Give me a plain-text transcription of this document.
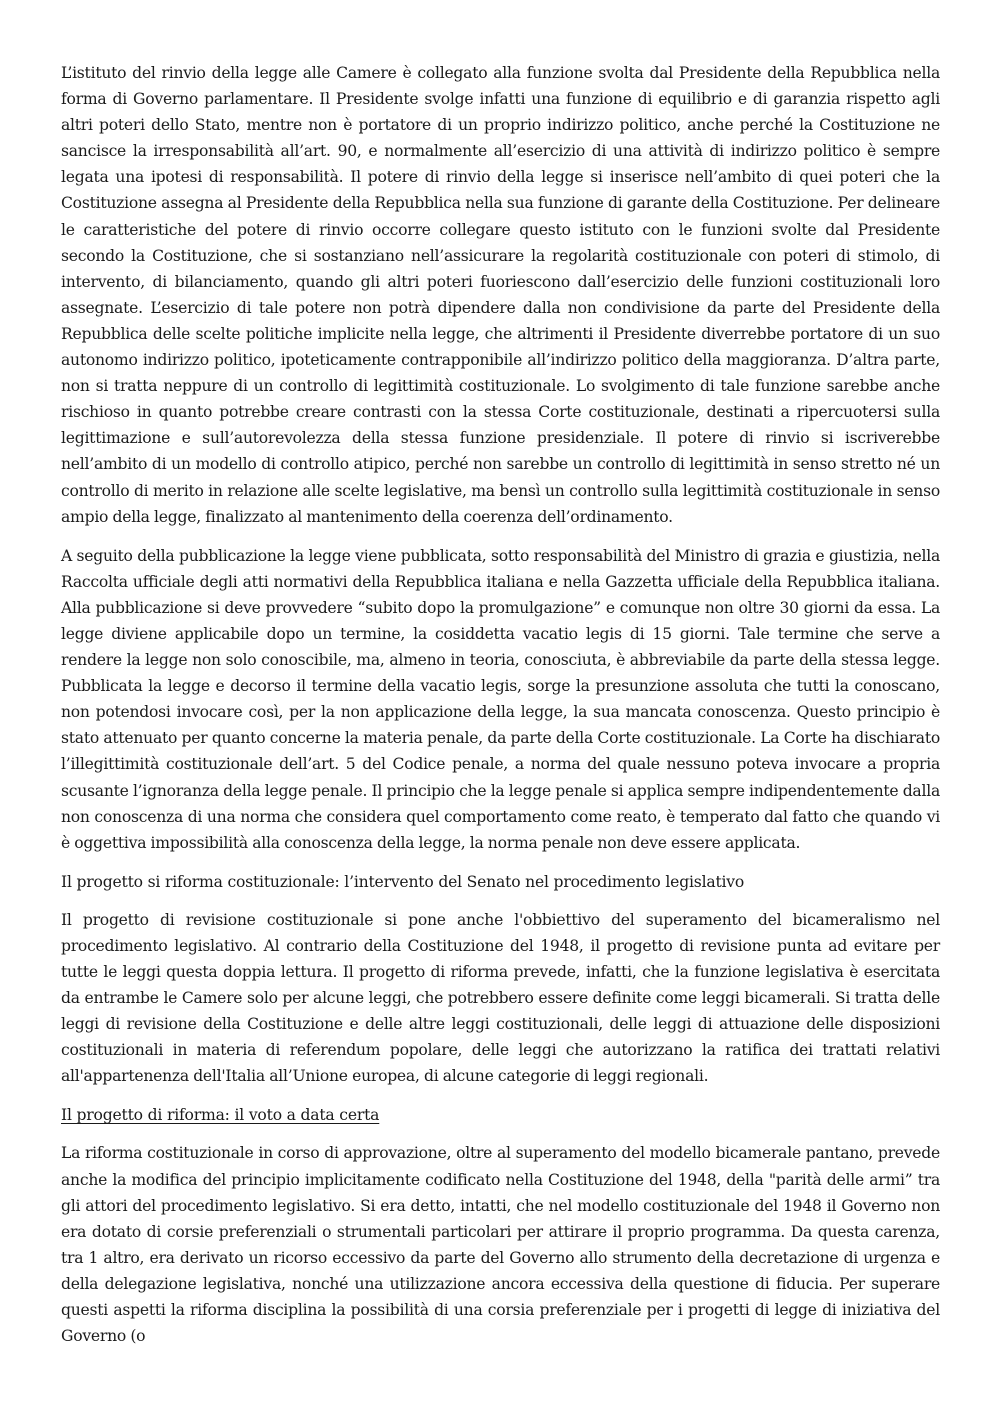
L’istituto del rinvio della legge alle Camere è collegato alla funzione svolta dal Presidente della Repubblica nella forma di Governo parlamentare. Il Presidente svolge infatti una funzione di equilibrio e di garanzia rispetto agli altri poteri dello Stato, mentre non è portatore di un proprio indirizzo politico, anche perché la Costituzione ne sancisce la irresponsabilità all’art. 90, e normalmente all’esercizio di una attività di indirizzo politico è sempre legata una ipotesi di responsabilità. Il potere di rinvio della legge si inserisce nell’ambito di quei poteri che la Costituzione assegna al Presidente della Repubblica nella sua funzione di garante della Costituzione. Per delineare le caratteristiche del potere di rinvio occorre collegare questo istituto con le funzioni svolte dal Presidente secondo la Costituzione, che si sostanziano nell’assicurare la regolarità costituzionale con poteri di stimolo, di intervento, di bilanciamento, quando gli altri poteri fuoriescono dall’esercizio delle funzioni costituzionali loro assegnate. L’esercizio di tale potere non potrà dipendere dalla non condivisione da parte del Presidente della Repubblica delle scelte politiche implicite nella legge, che altrimenti il Presidente diverrebbe portatore di un suo autonomo indirizzo politico, ipoteticamente contrapponibile all’indirizzo politico della maggioranza. D’altra parte, non si tratta neppure di un controllo di legittimità costituzionale. Lo svolgimento di tale funzione sarebbe anche rischioso in quanto potrebbe creare contrasti con la stessa Corte costituzionale, destinati a ripercuotersi sulla legittimazione e sull’autorevolezza della stessa funzione presidenziale. Il potere di rinvio si iscriverebbe nell’ambito di un modello di controllo atipico, perché non sarebbe un controllo di legittimità in senso stretto né un controllo di merito in relazione alle scelte legislative, ma bensì un controllo sulla legittimità costituzionale in senso ampio della legge, finalizzato al mantenimento della coerenza dell’ordinamento.

A seguito della pubblicazione la legge viene pubblicata, sotto responsabilità del Ministro di grazia e giustizia, nella Raccolta ufficiale degli atti normativi della Repubblica italiana e nella Gazzetta ufficiale della Repubblica italiana. Alla pubblicazione si deve provvedere “subito dopo la promulgazione” e comunque non oltre 30 giorni da essa. La legge diviene applicabile dopo un termine, la cosiddetta vacatio legis di 15 giorni. Tale termine che serve a rendere la legge non solo conoscibile, ma, almeno in teoria, conosciuta, è abbreviabile da parte della stessa legge. Pubblicata la legge e decorso il termine della vacatio legis, sorge la presunzione assoluta che tutti la conoscano, non potendosi invocare così, per la non applicazione della legge, la sua mancata conoscenza. Questo principio è stato attenuato per quanto concerne la materia penale, da parte della Corte costituzionale. La Corte ha dischiarato l’illegittimità costituzionale dell’art. 5 del Codice penale, a norma del quale nessuno poteva invocare a propria scusante l’ignoranza della legge penale. Il principio che la legge penale si applica sempre indipendentemente dalla non conoscenza di una norma che considera quel comportamento come reato, è temperato dal fatto che quando vi è oggettiva impossibilità alla conoscenza della legge, la norma penale non deve essere applicata.

Il progetto si riforma costituzionale: l’intervento del Senato nel procedimento legislativo

Il progetto di revisione costituzionale si pone anche l'obbiettivo del superamento del bicameralismo nel procedimento legislativo. Al contrario della Costituzione del 1948, il progetto di revisione punta ad evitare per tutte le leggi questa doppia lettura. Il progetto di riforma prevede, infatti, che la funzione legislativa è esercitata da entrambe le Camere solo per alcune leggi, che potrebbero essere definite come leggi bicamerali. Si tratta delle leggi di revisione della Costituzione e delle altre leggi costituzionali, delle leggi di attuazione delle disposizioni costituzionali in materia di referendum popolare, delle leggi che autorizzano la ratifica dei trattati relativi all'appartenenza dell'Italia all’Unione europea, di alcune categorie di leggi regionali.

Il progetto di riforma: il voto a data certa

La riforma costituzionale in corso di approvazione, oltre al superamento del modello bicamerale pantano, prevede anche la modifica del principio implicitamente codificato nella Costituzione del 1948, della "parità delle armi” tra gli attori del procedimento legislativo. Si era detto, intatti, che nel modello costituzionale del 1948 il Governo non era dotato di corsie preferenziali o strumentali particolari per attirare il proprio programma. Da questa carenza, tra 1 altro, era derivato un ricorso eccessivo da parte del Governo allo strumento della decretazione di urgenza e della delegazione legislativa, nonché una utilizzazione ancora eccessiva della questione di fiducia. Per superare questi aspetti la riforma disciplina la possibilità di una corsia preferenziale per i progetti di legge di iniziativa del Governo (o
